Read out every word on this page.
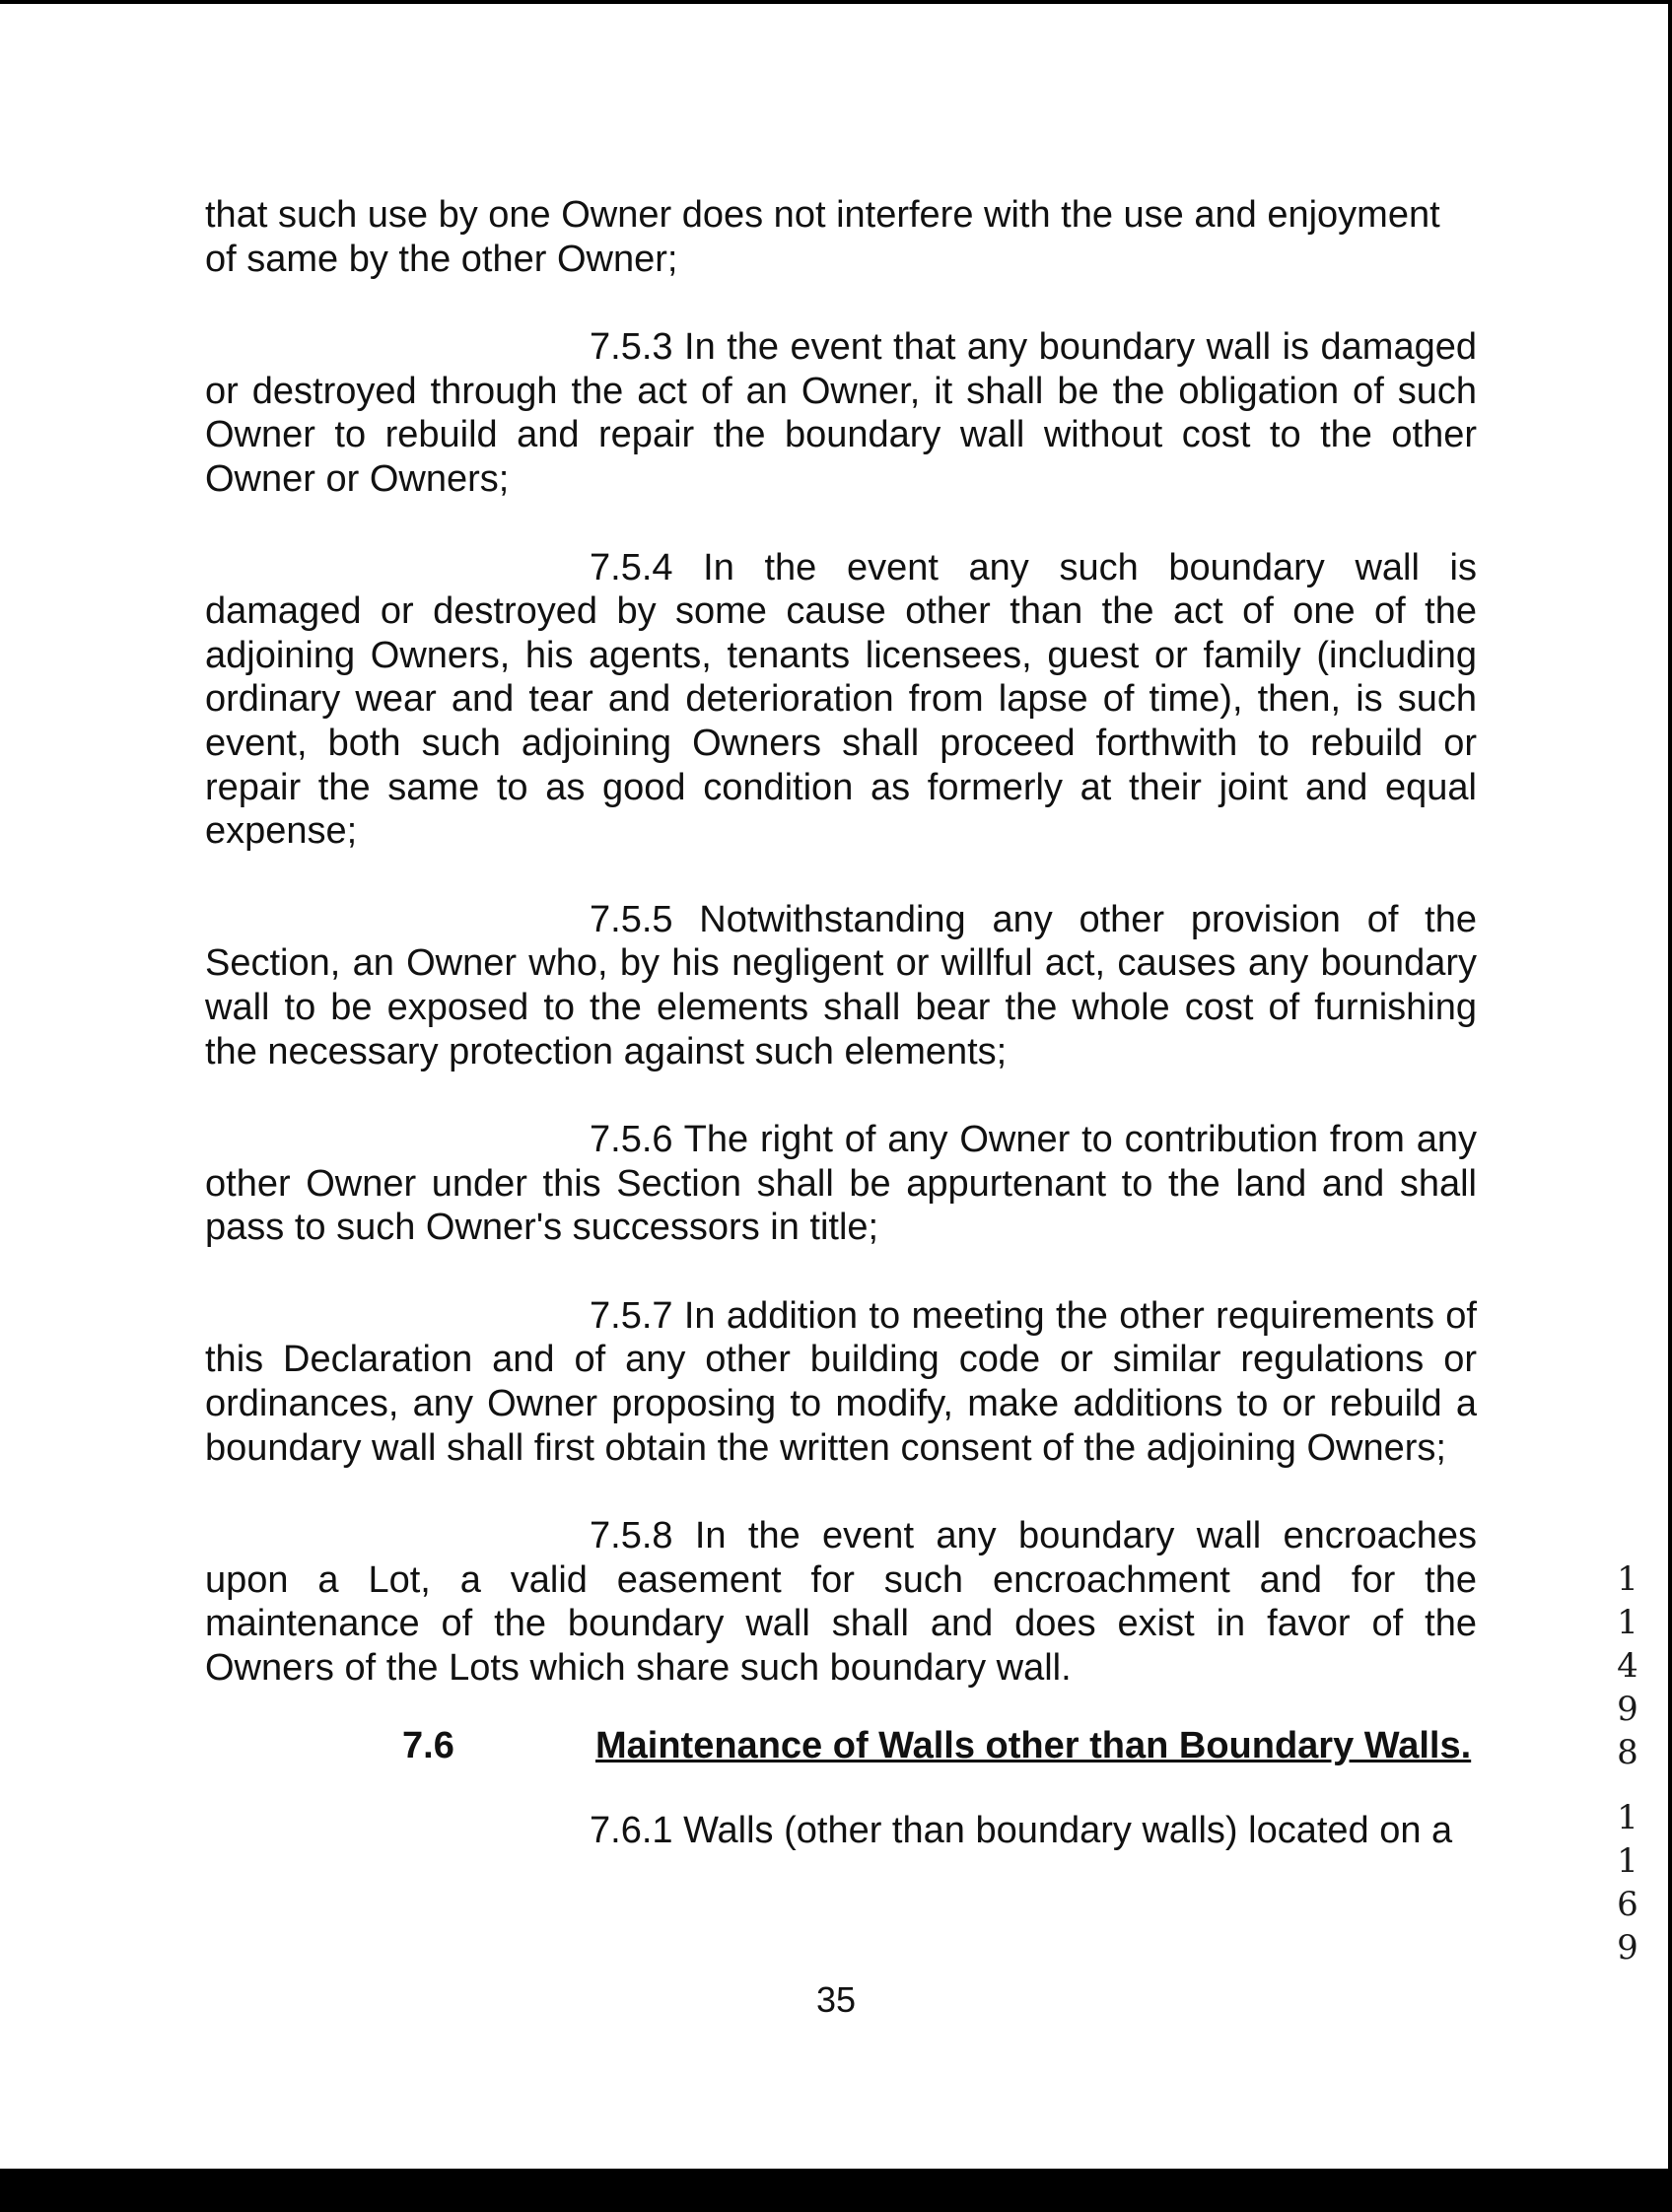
that such use by one Owner does not interfere with the use and enjoyment of same by the other Owner;

7.5.3 In the event that any boundary wall is damaged or destroyed through the act of an Owner, it shall be the obligation of such Owner to rebuild and repair the boundary wall without cost to the other Owner or Owners;

7.5.4 In the event any such boundary wall is damaged or destroyed by some cause other than the act of one of the adjoining Owners, his agents, tenants licensees, guest or family (including ordinary wear and tear and deterioration from lapse of time), then, is such event, both such adjoining Owners shall proceed forthwith to rebuild or repair the same to as good condition as formerly at their joint and equal expense;

7.5.5 Notwithstanding any other provision of the Section, an Owner who, by his negligent or willful act, causes any boundary wall to be exposed to the elements shall bear the whole cost of furnishing the necessary protection against such elements;

7.5.6 The right of any Owner to contribution from any other Owner under this Section shall be appurtenant to the land and shall pass to such Owner's successors in title;

7.5.7 In addition to meeting the other requirements of this Declaration and of any other building code or similar regulations or ordinances, any Owner proposing to modify, make additions to or rebuild a boundary wall shall first obtain the written consent of the adjoining Owners;

7.5.8 In the event any boundary wall encroaches upon a Lot, a valid easement for such encroachment and for the maintenance of the boundary wall shall and does exist in favor of the Owners of the Lots which share such boundary wall.

7.6	Maintenance of Walls other than Boundary Walls.

7.6.1 Walls (other than boundary walls) located on a

35
1
1
4
9
8
1
1
6
9
